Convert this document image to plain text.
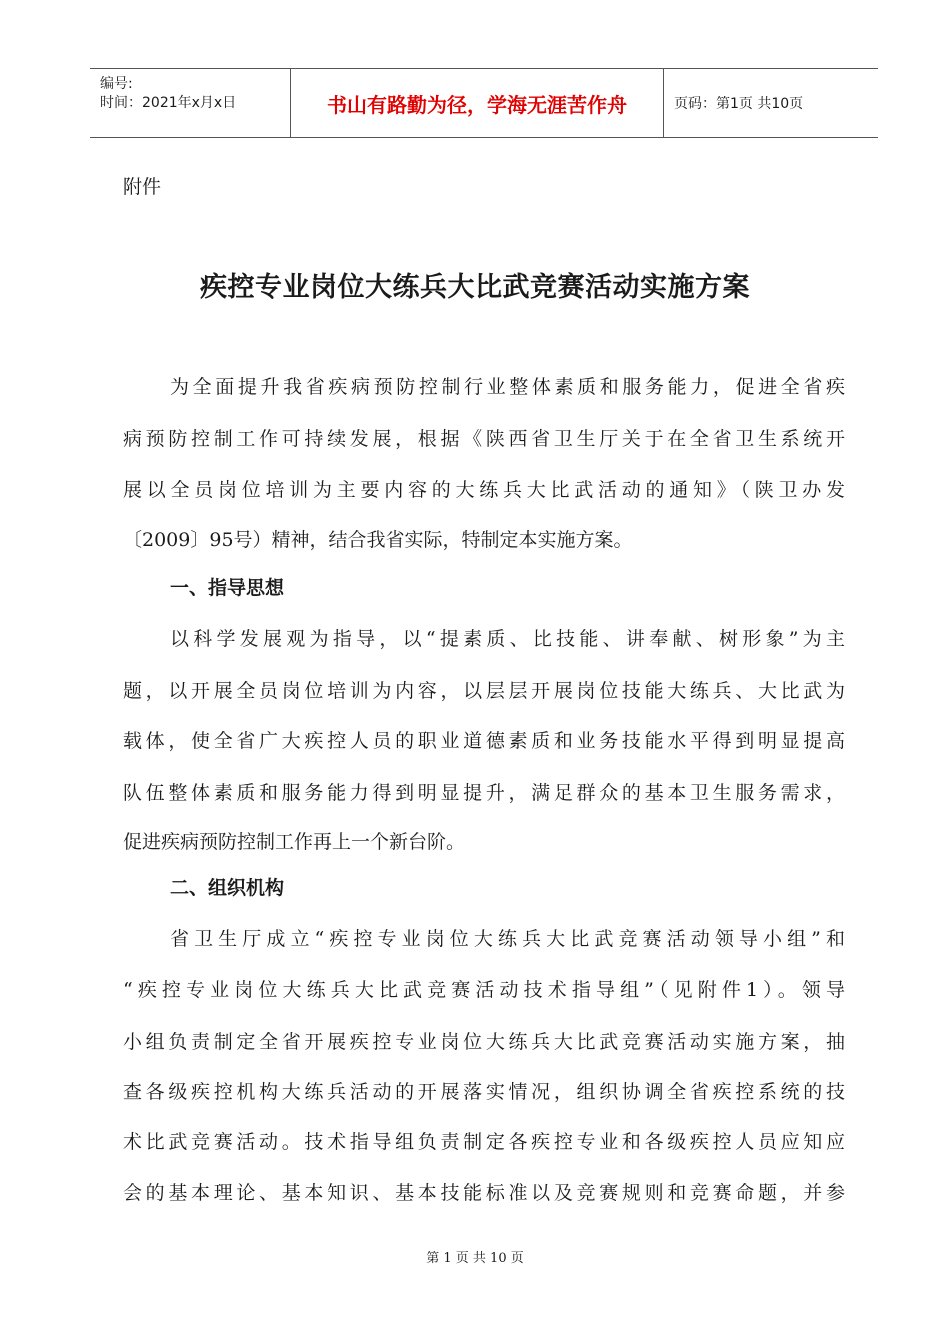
编号:
时间：2021年x月x日	书山有路勤为径，学海无涯苦作舟	页码：第1页 共10页
附件
疾控专业岗位大练兵大比武竞赛活动实施方案
为全面提升我省疾病预防控制行业整体素质和服务能力，促进全省疾
病预防控制工作可持续发展，根据《陕西省卫生厅关于在全省卫生系统开
展以全员岗位培训为主要内容的大练兵大比武活动的通知》（陕卫办发
〔2009〕95号）精神，结合我省实际，特制定本实施方案。
一、指导思想
以科学发展观为指导，以“提素质、比技能、讲奉献、树形象”为主
题，以开展全员岗位培训为内容，以层层开展岗位技能大练兵、大比武为
载体，使全省广大疾控人员的职业道德素质和业务技能水平得到明显提高
队伍整体素质和服务能力得到明显提升，满足群众的基本卫生服务需求，
促进疾病预防控制工作再上一个新台阶。
二、组织机构
省卫生厅成立“疾控专业岗位大练兵大比武竞赛活动领导小组”和
“疾控专业岗位大练兵大比武竞赛活动技术指导组”（见附件1）。领导
小组负责制定全省开展疾控专业岗位大练兵大比武竞赛活动实施方案，抽
查各级疾控机构大练兵活动的开展落实情况，组织协调全省疾控系统的技
术比武竞赛活动。技术指导组负责制定各疾控专业和各级疾控人员应知应
会的基本理论、基本知识、基本技能标准以及竞赛规则和竞赛命题，并参
第 1 页 共 10 页
